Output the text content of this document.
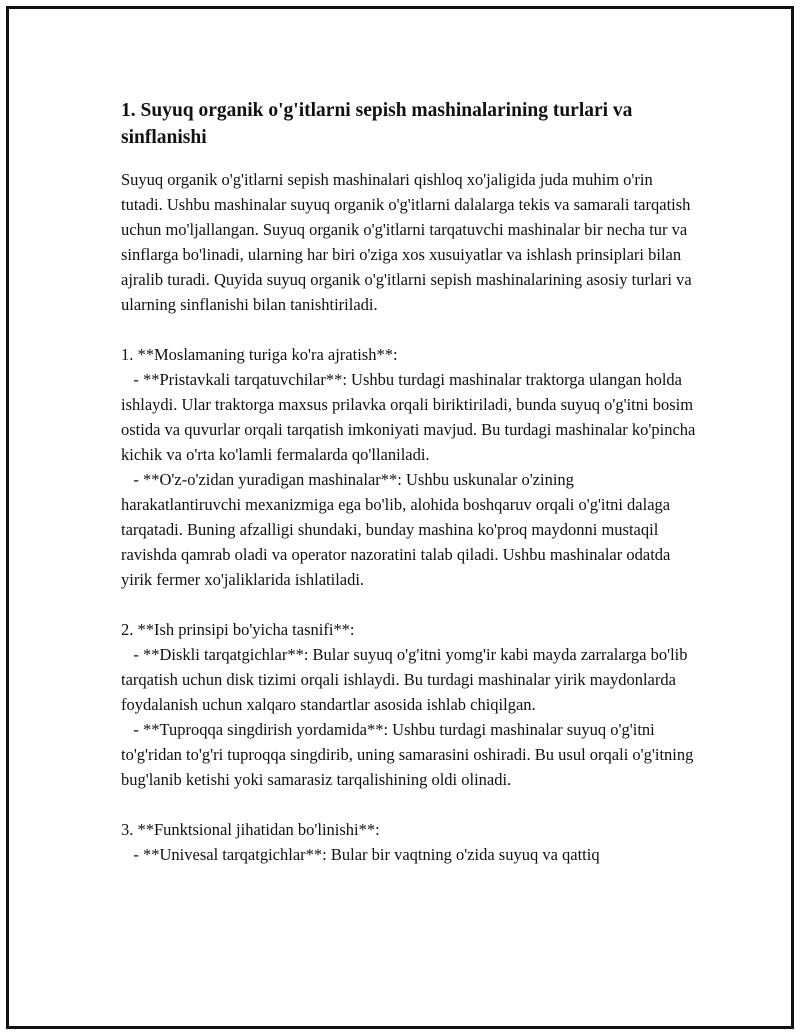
1. Suyuq organik o'g'itlarni sepish mashinalarining turlari va sinflanishi

Suyuq organik o'g'itlarni sepish mashinalari qishloq xo'jaligida juda muhim o'rin tutadi. Ushbu mashinalar suyuq organik o'g'itlarni dalalarga tekis va samarali tarqatish uchun mo'ljallangan. Suyuq organik o'g'itlarni tarqatuvchi mashinalar bir necha tur va sinflarga bo'linadi, ularning har biri o'ziga xos xusuiyatlar va ishlash prinsiplari bilan ajralib turadi. Quyida suyuq organik o'g'itlarni sepish mashinalarining asosiy turlari va ularning sinflanishi bilan tanishtiriladi.

1. **Moslamaning turiga ko'ra ajratish**:
- **Pristavkali tarqatuvchilar**: Ushbu turdagi mashinalar traktorga ulangan holda ishlaydi. Ular traktorga maxsus prilavka orqali biriktiriladi, bunda suyuq o'g'itni bosim ostida va quvurlar orqali tarqatish imkoniyati mavjud. Bu turdagi mashinalar ko'pincha kichik va o'rta ko'lamli fermalarda qo'llaniladi.
- **O'z-o'zidan yuradigan mashinalar**: Ushbu uskunalar o'zining harakatlantiruvchi mexanizmiga ega bo'lib, alohida boshqaruv orqali o'g'itni dalaga tarqatadi. Buning afzalligi shundaki, bunday mashina ko'proq maydonni mustaqil ravishda qamrab oladi va operator nazoratini talab qiladi. Ushbu mashinalar odatda yirik fermer xo'jaliklarida ishlatiladi.

2. **Ish prinsipi bo'yicha tasnifi**:
- **Diskli tarqatgichlar**: Bular suyuq o'g'itni yomg'ir kabi mayda zarralarga bo'lib tarqatish uchun disk tizimi orqali ishlaydi. Bu turdagi mashinalar yirik maydonlarda foydalanish uchun xalqaro standartlar asosida ishlab chiqilgan.
- **Tuproqqa singdirish yordamida**: Ushbu turdagi mashinalar suyuq o'g'itni to'g'ridan to'g'ri tuproqqa singdirib, uning samarasini oshiradi. Bu usul orqali o'g'itning bug'lanib ketishi yoki samarasiz tarqalishining oldi olinadi.

3. **Funktsional jihatidan bo'linishi**:
- **Univesal tarqatgichlar**: Bular bir vaqtning o'zida suyuq va qattiq
